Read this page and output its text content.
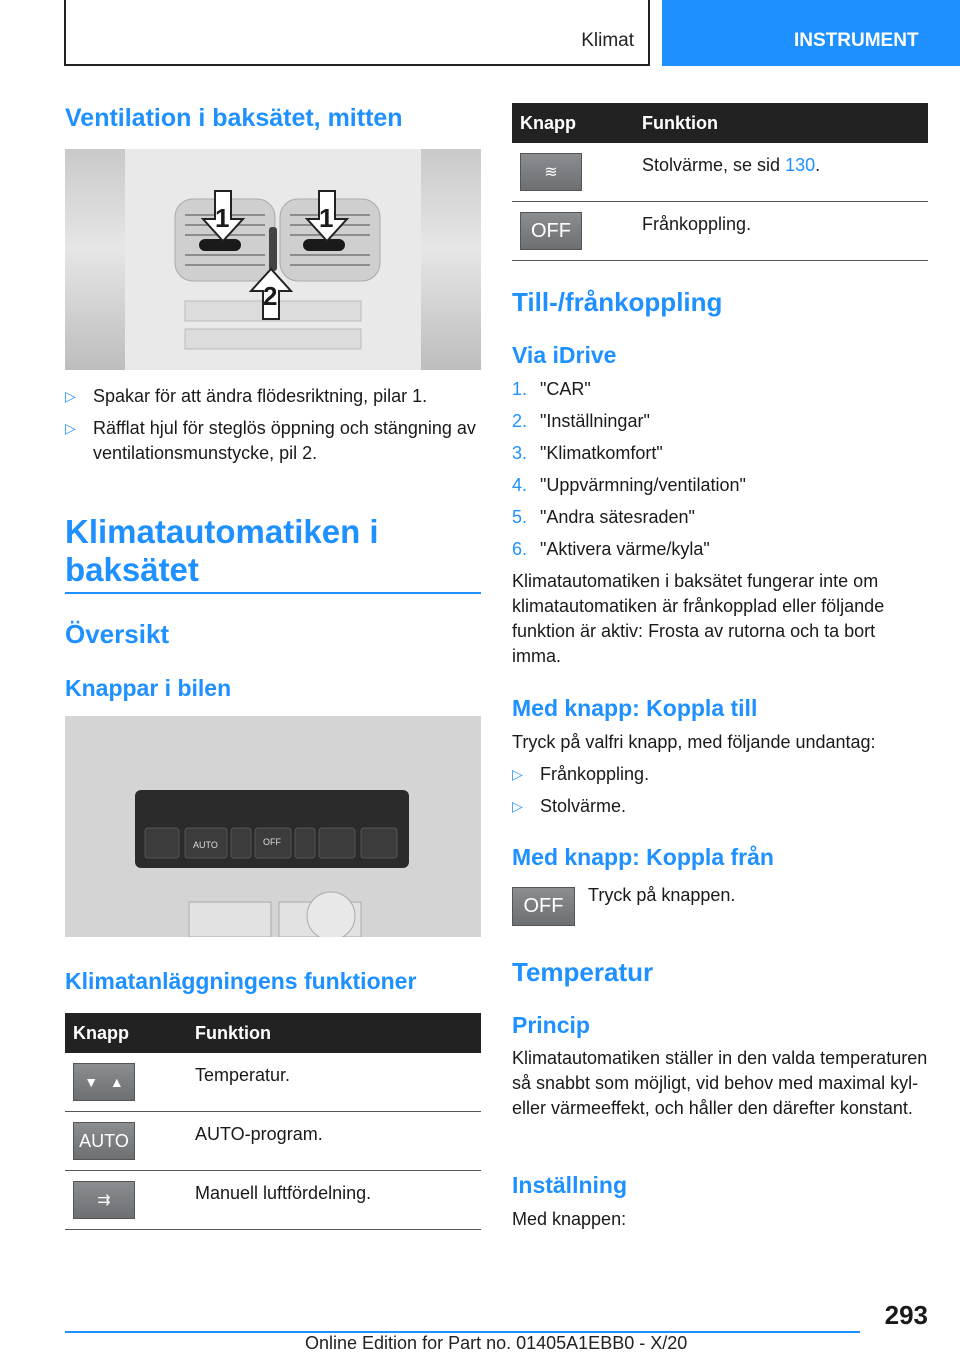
Klimat	INSTRUMENT
Ventilation i baksätet, mitten
1	1
2
▷ Spakar för att ändra flödesriktning, pilar 1.
▷ Räfflat hjul för steglös öppning och stängning av ventilationsmunstycke, pil 2.
Klimatautomatiken i
baksätet
Översikt
Knappar i bilen
AUTO	OFF
Klimatanläggningens funktioner
Knapp	Funktion
▼   ▲	Temperatur.
AUTO	AUTO-program.
⇉	Manuell luftfördelning.
Knapp	Funktion
≋	Stolvärme, se sid 130.
OFF	Frånkoppling.
Till-/frånkoppling
Via iDrive
1. "CAR"
2. "Inställningar"
3. "Klimatkomfort"
4. "Uppvärmning/ventilation"
5. "Andra sätesraden"
6. "Aktivera värme/kyla"
Klimatautomatiken i baksätet fungerar inte om klimatautomatiken är frånkopplad eller följande funktion är aktiv: Frosta av rutorna och ta bort imma.
Med knapp: Koppla till
Tryck på valfri knapp, med följande undantag:
▷ Frånkoppling.
▷ Stolvärme.
Med knapp: Koppla från
OFF	Tryck på knappen.
Temperatur
Princip
Klimatautomatiken ställer in den valda temperaturen så snabbt som möjligt, vid behov med maximal kyl- eller värmeeffekt, och håller den därefter konstant.
Inställning
Med knappen:
293
Online Edition for Part no. 01405A1EBB0 - X/20
